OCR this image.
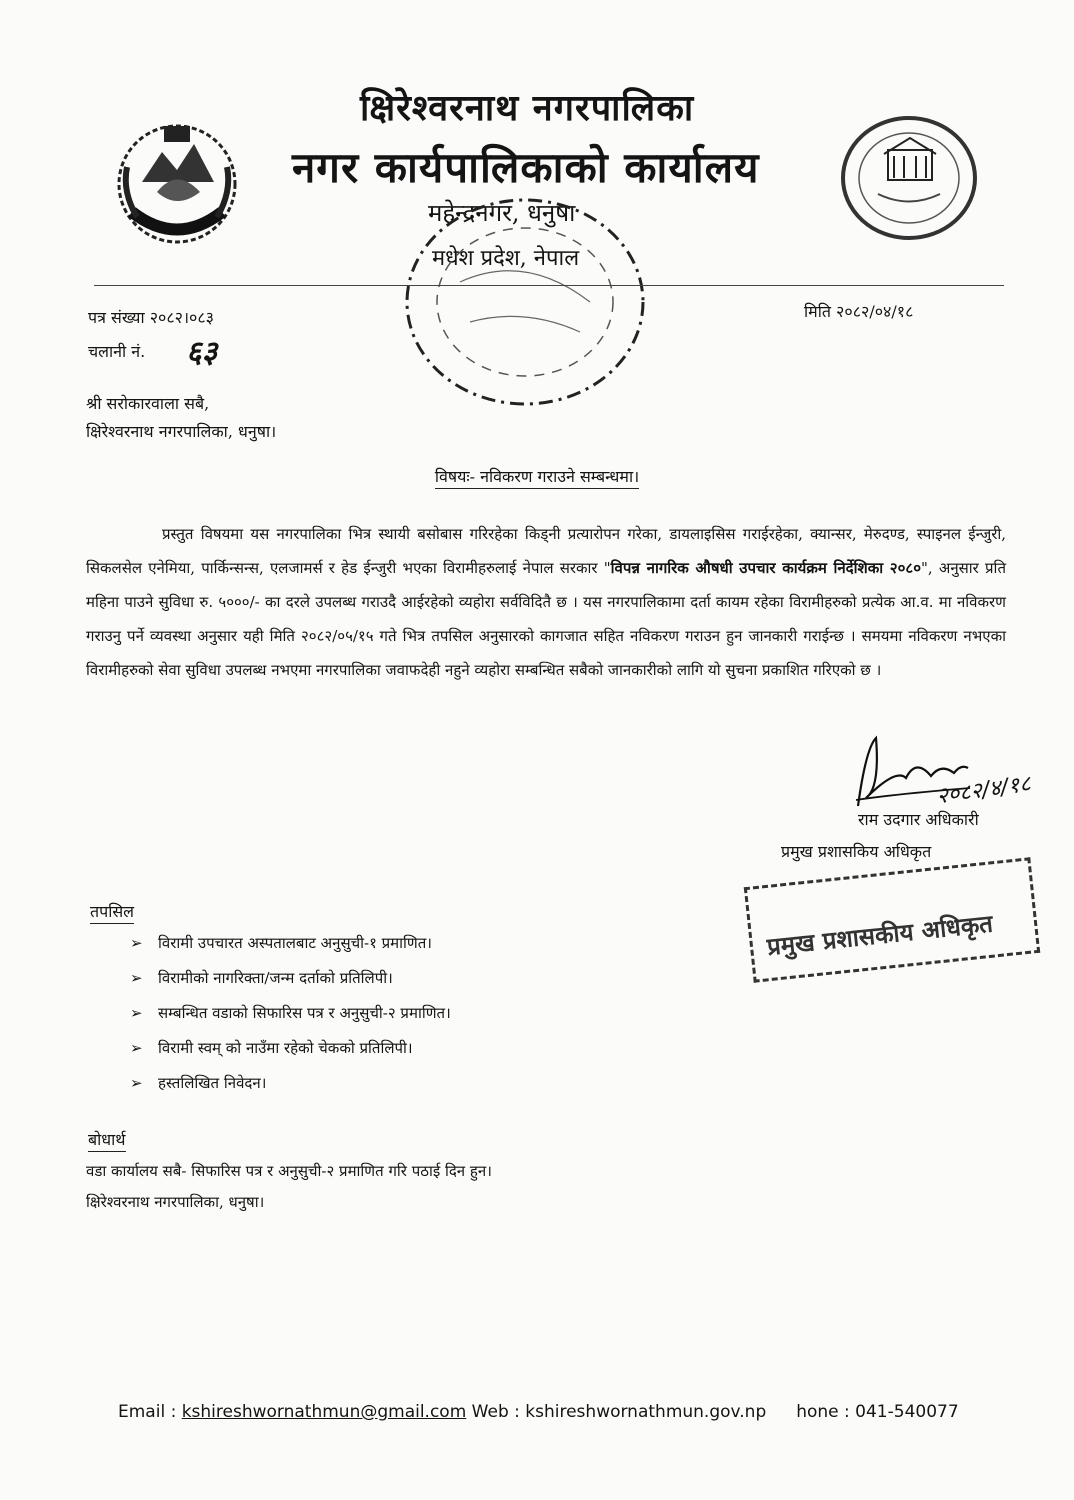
क्षिरेश्वरनाथ नगरपालिका
नगर कार्यपालिकाको कार्यालय
महेन्द्रनगर, धनुषा
मधेश प्रदेश, नेपाल
पत्र संख्या २०८२।०८३
चलानी नं. ६३
मिति २०८२/०४/१८
श्री सरोकारवाला सबै,
क्षिरेश्वरनाथ नगरपालिका, धनुषा।
विषयः- नविकरण गराउने सम्बन्धमा।
प्रस्तुत विषयमा यस नगरपालिका भित्र स्थायी बसोबास गरिरहेका किड्नी प्रत्यारोपन गरेका, डायलाइसिस गराईरहेका, क्यान्सर, मेरुदण्ड, स्पाइनल ईन्जुरी, सिकलसेल एनेमिया, पार्किन्सन्स, एलजामर्स र हेड ईन्जुरी भएका विरामीहरुलाई नेपाल सरकार "विपन्न नागरिक औषधी उपचार कार्यक्रम निर्देशिका २०८०", अनुसार प्रति महिना पाउने सुविधा रु. ५०००/- का दरले उपलब्ध गराउदै आईरहेको व्यहोरा सर्वविदितै छ । यस नगरपालिकामा दर्ता कायम रहेका विरामीहरुको प्रत्येक आ.व. मा नविकरण गराउनु पर्ने व्यवस्था अनुसार यही मिति २०८२/०५/१५ गते भित्र तपसिल अनुसारको कागजात सहित नविकरण गराउन हुन जानकारी गराईन्छ । समयमा नविकरण नभएका विरामीहरुको सेवा सुविधा उपलब्ध नभएमा नगरपालिका जवाफदेही नहुने व्यहोरा सम्बन्धित सबैको जानकारीको लागि यो सुचना प्रकाशित गरिएको छ ।
२०८२/४/१८
राम उदगार अधिकारी
प्रमुख प्रशासकिय अधिकृत
प्रमुख प्रशासकीय अधिकृत
तपसिल
➢ विरामी उपचारत अस्पतालबाट अनुसुची-१ प्रमाणित।
➢ विरामीको नागरिक्ता/जन्म दर्ताको प्रतिलिपी।
➢ सम्बन्धित वडाको सिफारिस पत्र र अनुसुची-२ प्रमाणित।
➢ विरामी स्वम् को नाउँमा रहेको चेकको प्रतिलिपी।
➢ हस्तलिखित निवेदन।
बोधार्थ
वडा कार्यालय सबै- सिफारिस पत्र र अनुसुची-२ प्रमाणित गरि पठाई दिन हुन।
क्षिरेश्वरनाथ नगरपालिका, धनुषा।
Email : kshireshwornathmun@gmail.com Web : kshireshwornathmun.gov.np hone : 041-540077
